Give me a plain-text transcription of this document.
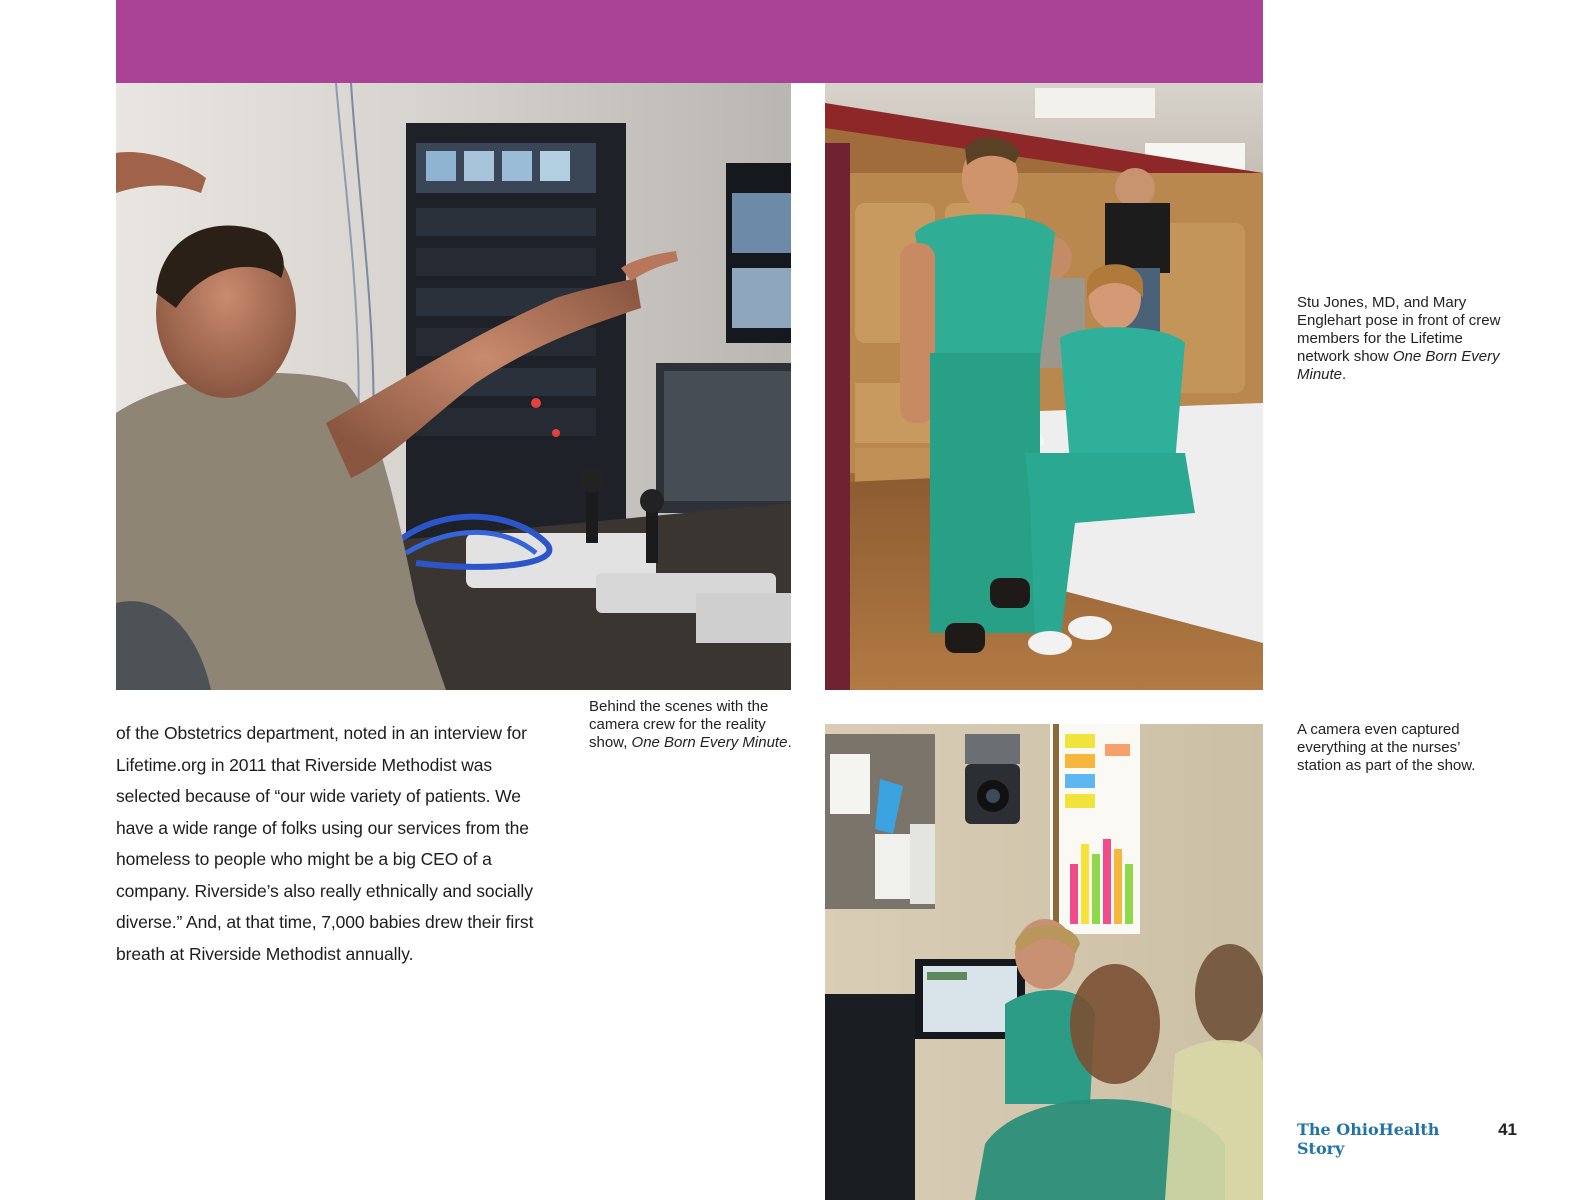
Behind the scenes with the camera crew for the reality show, One Born Every Minute.
Stu Jones, MD, and Mary Englehart pose in front of crew members for the Lifetime network show One Born Every Minute.
A camera even captured everything at the nurses’ station as part of the show.

of the Obstetrics department, noted in an interview for Lifetime.org in 2011 that Riverside Methodist was selected because of “our wide variety of patients. We have a wide range of folks using our services from the homeless to people who might be a big CEO of a company. Riverside’s also really ethnically and socially diverse.” And, at that time, 7,000 babies drew their first breath at Riverside Methodist annually.

The OhioHealth Story
41
